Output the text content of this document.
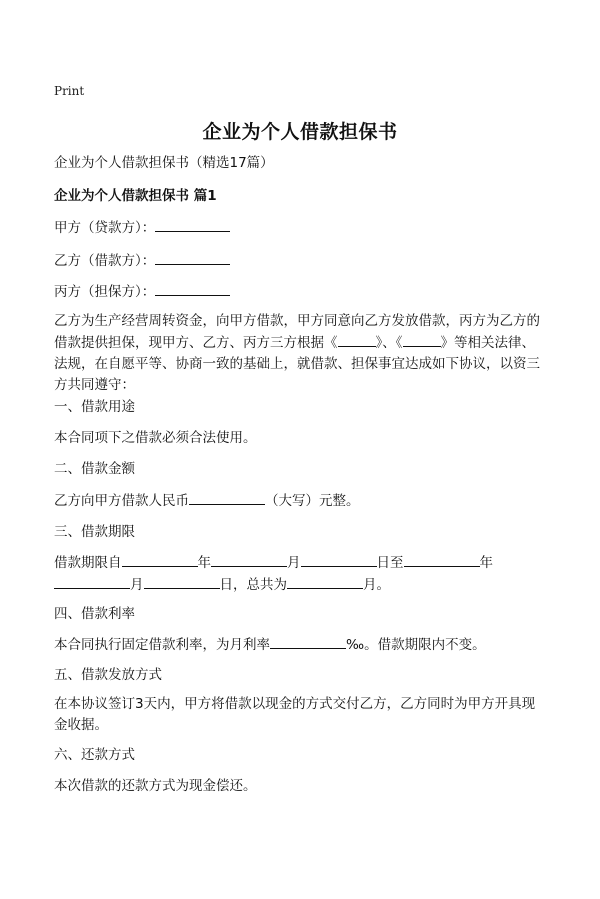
Print
企业为个人借款担保书
企业为个人借款担保书（精选17篇）
企业为个人借款担保书 篇1
甲方（贷款方）：
乙方（借款方）：
丙方（担保方）：
乙方为生产经营周转资金，向甲方借款，甲方同意向乙方发放借款，丙方为乙方的借款提供担保，现甲方、乙方、丙方三方根据《	》、《	》等相关法律、法规，在自愿平等、协商一致的基础上，就借款、担保事宜达成如下协议，以资三方共同遵守：
一、借款用途
本合同项下之借款必须合法使用。
二、借款金额
乙方向甲方借款人民币	（大写）元整。
三、借款期限
借款期限自	年	月	日至	年
月	日，总共为	月。
四、借款利率
本合同执行固定借款利率，为月利率	‰。借款期限内不变。
五、借款发放方式
在本协议签订3天内，甲方将借款以现金的方式交付乙方，乙方同时为甲方开具现金收据。
六、还款方式
本次借款的还款方式为现金偿还。
